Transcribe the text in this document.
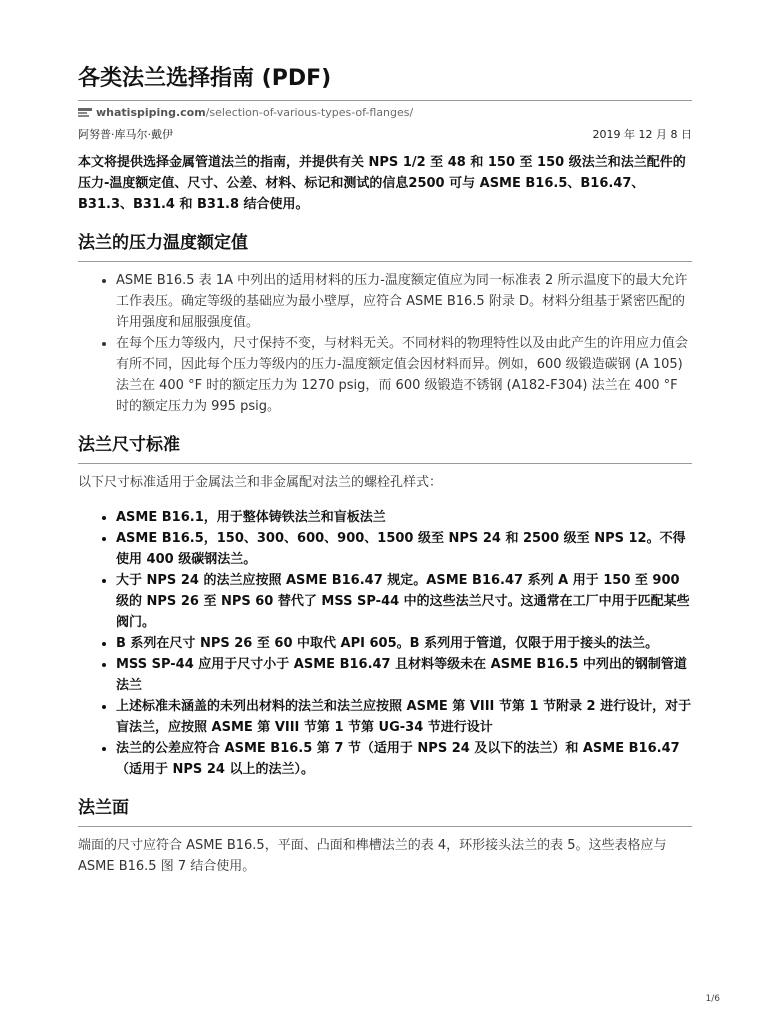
各类法兰选择指南 (PDF)
whatispiping.com /selection-of-various-types-of-flanges/
阿努普·库马尔·戴伊	2019 年 12 月 8 日
本文将提供选择金属管道法兰的指南，并提供有关 NPS 1/2 至 48 和 150 至 150 级法兰和法兰配件的压力-温度额定值、尺寸、公差、材料、标记和测试的信息2500 可与 ASME B16.5、B16.47、B31.3、B31.4 和 B31.8 结合使用。
法兰的压力温度额定值
• ASME B16.5 表 1A 中列出的适用材料的压力-温度额定值应为同一标准表 2 所示温度下的最大允许工作表压。确定等级的基础应为最小壁厚，应符合 ASME B16.5 附录 D。材料分组基于紧密匹配的许用强度和屈服强度值。
• 在每个压力等级内，尺寸保持不变，与材料无关。不同材料的物理特性以及由此产生的许用应力值会有所不同，因此每个压力等级内的压力-温度额定值会因材料而异。例如，600 级锻造碳钢 (A 105) 法兰在 400 °F 时的额定压力为 1270 psig，而 600 级锻造不锈钢 (A182-F304) 法兰在 400 °F 时的额定压力为 995 psig。
法兰尺寸标准

以下尺寸标准适用于金属法兰和非金属配对法兰的螺栓孔样式：

• ASME B16.1，用于整体铸铁法兰和盲板法兰
• ASME B16.5，150、300、600、900、1500 级至 NPS 24 和 2500 级至 NPS 12。不得使用 400 级碳钢法兰。
• 大于 NPS 24 的法兰应按照 ASME B16.47 规定。ASME B16.47 系列 A 用于 150 至 900 级的 NPS 26 至 NPS 60 替代了 MSS SP-44 中的这些法兰尺寸。这通常在工厂中用于匹配某些阀门。
• B 系列在尺寸 NPS 26 至 60 中取代 API 605。B 系列用于管道，仅限于用于接头的法兰。
• MSS SP-44 应用于尺寸小于 ASME B16.47 且材料等级未在 ASME B16.5 中列出的钢制管道法兰
• 上述标准未涵盖的未列出材料的法兰和法兰应按照 ASME 第 VIII 节第 1 节附录 2 进行设计，对于盲法兰，应按照 ASME 第 VIII 节第 1 节第 UG-34 节进行设计
• 法兰的公差应符合 ASME B16.5 第 7 节（适用于 NPS 24 及以下的法兰）和 ASME B16.47（适用于 NPS 24 以上的法兰）。
法兰面

端面的尺寸应符合 ASME B16.5，平面、凸面和榫槽法兰的表 4，环形接头法兰的表 5。这些表格应与 ASME B16.5 图 7 结合使用。

1/6
